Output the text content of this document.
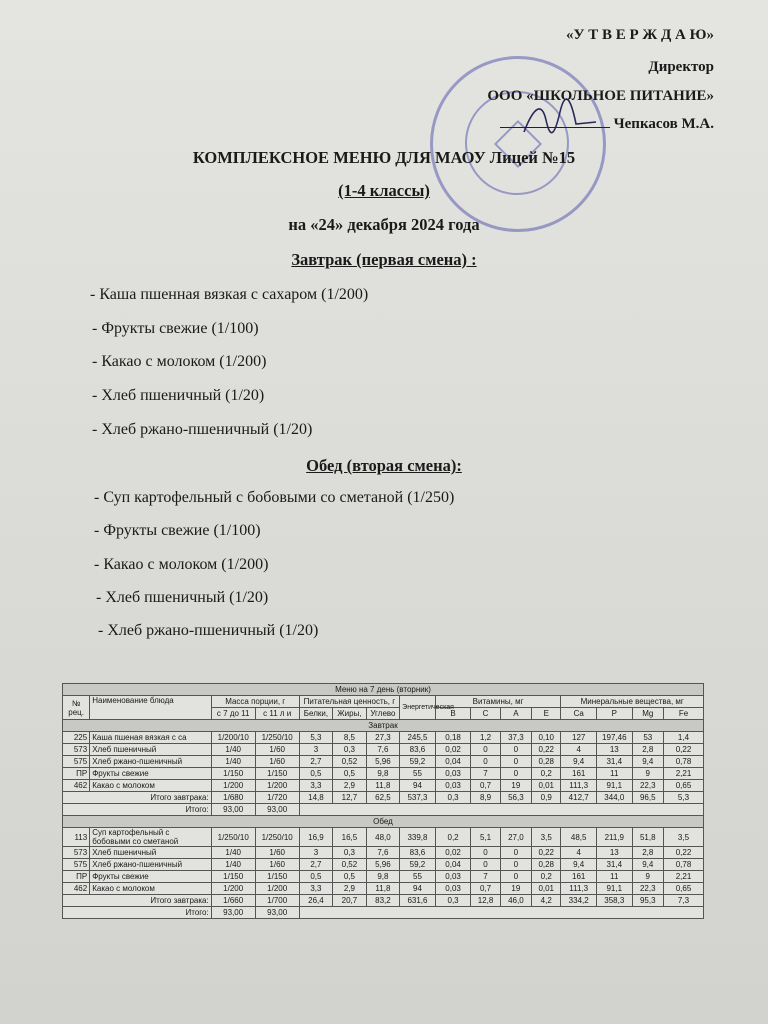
«У Т В Е Р Ж Д А Ю»
Директор
ООО «ШКОЛЬНОЕ ПИТАНИЕ»
Чепкасов М.А.
КОМПЛЕКСНОЕ МЕНЮ ДЛЯ МАОУ Лицей №15
(1-4 классы)
на «24» декабря 2024 года
Завтрак (первая смена) :
- Каша пшенная вязкая с сахаром (1/200)
- Фрукты свежие (1/100)
- Какао с молоком (1/200)
- Хлеб пшеничный (1/20)
- Хлеб ржано-пшеничный (1/20)
Обед (вторая смена):
- Суп картофельный с бобовыми со сметаной (1/250)
- Фрукты свежие (1/100)
- Какао с молоком (1/200)
- Хлеб пшеничный (1/20)
- Хлеб ржано-пшеничный (1/20)
Меню на 7 день (вторник)															
№ рец.	Наименование блюда	Масса порции, г		Питательная ценность, г			Энергетическая	Витамины, мг				Минеральные вещества, мг			
		с 7 до 11	с 11 л и	Белки,	Жиры,	Углево		B	C	A	E	Ca	P	Mg	Fe
Завтрак															
225	Каша пшеная вязкая с са	1/200/10	1/250/10	5,3	8,5	27,3	245,5	0,18	1,2	37,3	0,10	127	197,46	53	1,4
573	Хлеб пшеничный	1/40	1/60	3	0,3	7,6	83,6	0,02	0	0	0,22	4	13	2,8	0,22
575	Хлеб ржано-пшеничный	1/40	1/60	2,7	0,52	5,96	59,2	0,04	0	0	0,28	9,4	31,4	9,4	0,78
ПР	Фрукты свежие	1/150	1/150	0,5	0,5	9,8	55	0,03	7	0	0,2	161	11	9	2,21
462	Какао с молоком	1/200	1/200	3,3	2,9	11,8	94	0,03	0,7	19	0,01	111,3	91,1	22,3	0,65
Итого завтрака:		1/680	1/720	14,8	12,7	62,5	537,3	0,3	8,9	56,3	0,9	412,7	344,0	96,5	5,3
Итого:		93,00	93,00												
Обед															
113	Суп картофельный с бобовыми со сметаной	1/250/10	1/250/10	16,9	16,5	48,0	339,8	0,2	5,1	27,0	3,5	48,5	211,9	51,8	3,5
573	Хлеб пшеничный	1/40	1/60	3	0,3	7,6	83,6	0,02	0	0	0,22	4	13	2,8	0,22
575	Хлеб ржано-пшеничный	1/40	1/60	2,7	0,52	5,96	59,2	0,04	0	0	0,28	9,4	31,4	9,4	0,78
ПР	Фрукты свежие	1/150	1/150	0,5	0,5	9,8	55	0,03	7	0	0,2	161	11	9	2,21
462	Какао с молоком	1/200	1/200	3,3	2,9	11,8	94	0,03	0,7	19	0,01	111,3	91,1	22,3	0,65
Итого завтрака:		1/660	1/700	26,4	20,7	83,2	631,6	0,3	12,8	46,0	4,2	334,2	358,3	95,3	7,3
Итого:		93,00	93,00												
